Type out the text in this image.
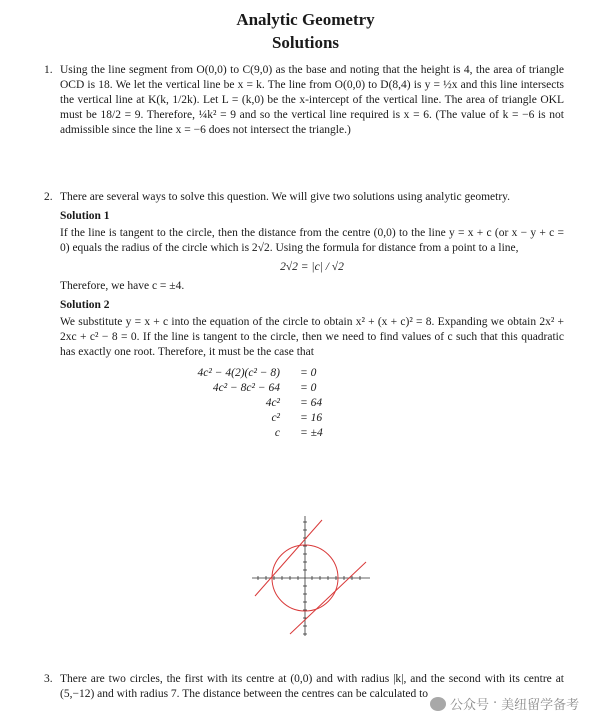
Analytic Geometry
Solutions
1. Using the line segment from O(0,0) to C(9,0) as the base and noting that the height is 4, the area of triangle OCD is 18. We let the vertical line be x = k. The line from O(0,0) to D(8,4) is y = ½x and this line intersects the vertical line at K(k, 1/2k). Let L = (k,0) be the x-intercept of the vertical line. The area of triangle OKL must be 18/2 = 9. Therefore, ¼k² = 9 and so the vertical line required is x = 6. (The value of k = −6 is not admissible since the line x = −6 does not intersect the triangle.)

2. There are several ways to solve this question. We will give two solutions using analytic geometry.

Solution 1

If the line is tangent to the circle, then the distance from the centre (0,0) to the line y = x + c (or x − y + c = 0) equals the radius of the circle which is 2√2. Using the formula for distance from a point to a line,

2√2 = |c| / √2

Therefore, we have c = ±4.

Solution 2

We substitute y = x + c into the equation of the circle to obtain x² + (x + c)² = 8. Expanding we obtain 2x² + 2xc + c² − 8 = 0. If the line is tangent to the circle, then we need to find values of c such that this quadratic has exactly one root. Therefore, it must be the case that

4c² − 4(2)(c² − 8) = 0
4c² − 8c² − 64 = 0
4c² = 64
c² = 16
c = ±4
3. There are two circles, the first with its centre at (0,0) and with radius |k|, and the second with its centre at (5,−12) and with radius 7. The distance between the centres can be calculated to

公众号 · 美纽留学备考
